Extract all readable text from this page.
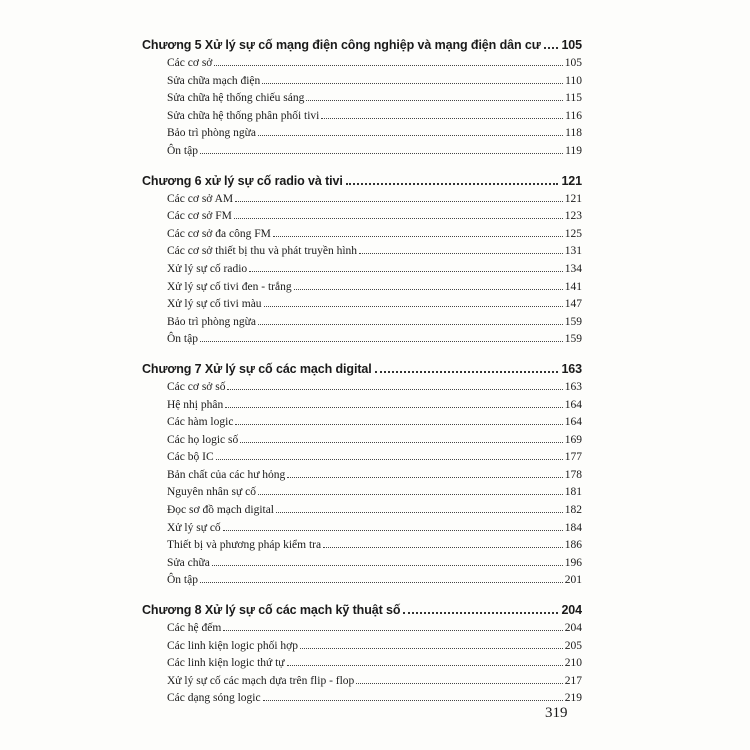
Chương 5 Xử lý sự cố mạng điện công nghiệp và mạng điện dân cư 105
Các cơ sở	105
Sửa chữa mạch điện	110
Sửa chữa hệ thống chiếu sáng	115
Sửa chữa hệ thống phân phối tivi	116
Bảo trì phòng ngừa	118
Ôn tập	119
Chương 6 xử lý sự cố radio và tivi	121
Các cơ sở AM	121
Các cơ sở FM	123
Các cơ sở đa công FM	125
Các cơ sở thiết bị thu và phát truyền hình	131
Xử lý sự cố radio	134
Xử lý sự cố tivi đen - trắng	141
Xử lý sự cố tivi màu	147
Bảo trì phòng ngừa	159
Ôn tập	159
Chương 7 Xử lý sự cố các mạch digital	163
Các cơ sở số	163
Hệ nhị phân	164
Các hàm logic	164
Các họ logic số	169
Các bộ IC	177
Bản chất của các hư hỏng	178
Nguyên nhân sự cố	181
Đọc sơ đồ mạch digital	182
Xử lý sự cố	184
Thiết bị và phương pháp kiểm tra	186
Sửa chữa	196
Ôn tập	201
Chương 8 Xử lý sự cố các mạch kỹ thuật số	204
Các hệ đếm	204
Các linh kiện logic phối hợp	205
Các linh kiện logic thứ tự	210
Xử lý sự cố các mạch dựa trên flip - flop	217
Các dạng sóng logic	219
319
